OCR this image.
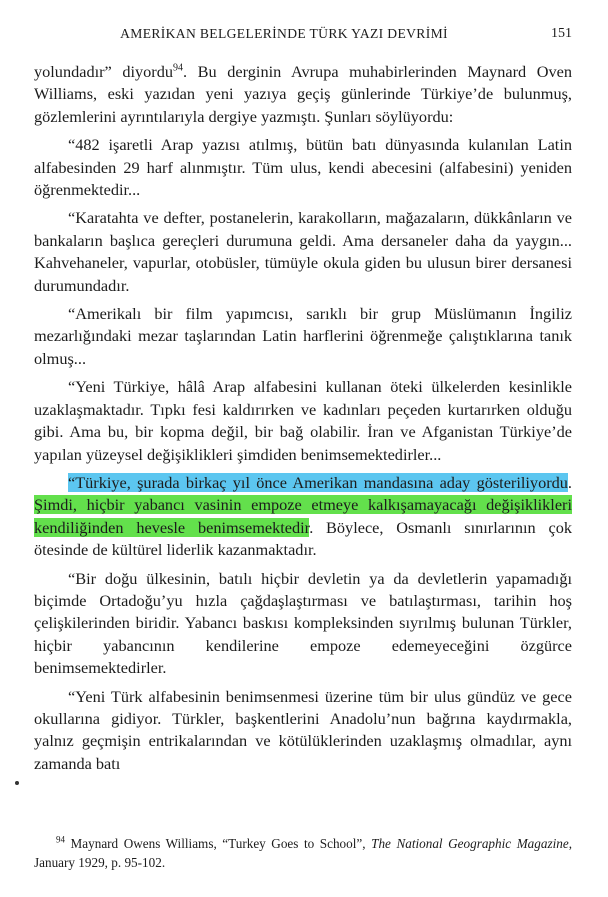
AMERİKAN BELGELERİNDE TÜRK YAZI DEVRİMİ	151

yolundadır” diyordu$^{94}$. Bu derginin Avrupa muhabirlerinden Maynard Oven Williams, eski yazıdan yeni yazıya geçiş günlerinde Türkiye’de bulunmuş, gözlemlerini ayrıntılarıyla dergiye yazmıştı. Şunları söylüyordu:

“482 işaretli Arap yazısı atılmış, bütün batı dünyasında kulanılan Latin alfabesinden 29 harf alınmıştır. Tüm ulus, kendi abecesini (alfabesini) yeniden öğrenmektedir...

“Karatahta ve defter, postanelerin, karakolların, mağazaların, dükkânların ve bankaların başlıca gereçleri durumuna geldi. Ama dersaneler daha da yaygın... Kahvehaneler, vapurlar, otobüsler, tümüyle okula giden bu ulusun birer dersanesi durumundadır.

“Amerikalı bir film yapımcısı, sarıklı bir grup Müslümanın İngiliz mezarlığındaki mezar taşlarından Latin harflerini öğrenmeğe çalıştıklarına tanık olmuş...

“Yeni Türkiye, hâlâ Arap alfabesini kullanan öteki ülkelerden kesinlikle uzaklaşmaktadır. Tıpkı fesi kaldırırken ve kadınları peçeden kurtarırken olduğu gibi. Ama bu, bir kopma değil, bir bağ olabilir. İran ve Afganistan Türkiye’de yapılan yüzeysel değişiklikleri şimdiden benimsemektedirler...

“Türkiye, şurada birkaç yıl önce Amerikan mandasına aday gösteriliyordu. Şimdi, hiçbir yabancı vasinin empoze etmeye kalkışamayacağı değişiklikleri kendiliğinden hevesle benimsemektedir. Böylece, Osmanlı sınırlarının çok ötesinde de kültürel liderlik kazanmaktadır.

“Bir doğu ülkesinin, batılı hiçbir devletin ya da devletlerin yapamadığı biçimde Ortadoğu’yu hızla çağdaşlaştırması ve batılaştırması, tarihin hoş çelişkilerinden biridir. Yabancı baskısı kompleksinden sıyrılmış bulunan Türkler, hiçbir yabancının kendilerine empoze edemeyeceğini özgürce benimsemektedirler.

“Yeni Türk alfabesinin benimsenmesi üzerine tüm bir ulus gündüz ve gece okullarına gidiyor. Türkler, başkentlerini Anadolu’nun bağrına kaydırmakla, yalnız geçmişin entrikalarından ve kötülüklerinden uzaklaşmış olmadılar, aynı zamanda batı

$^{94}$ Maynard Owens Williams, “Turkey Goes to School”, The National Geographic Magazine, January 1929, p. 95-102.
